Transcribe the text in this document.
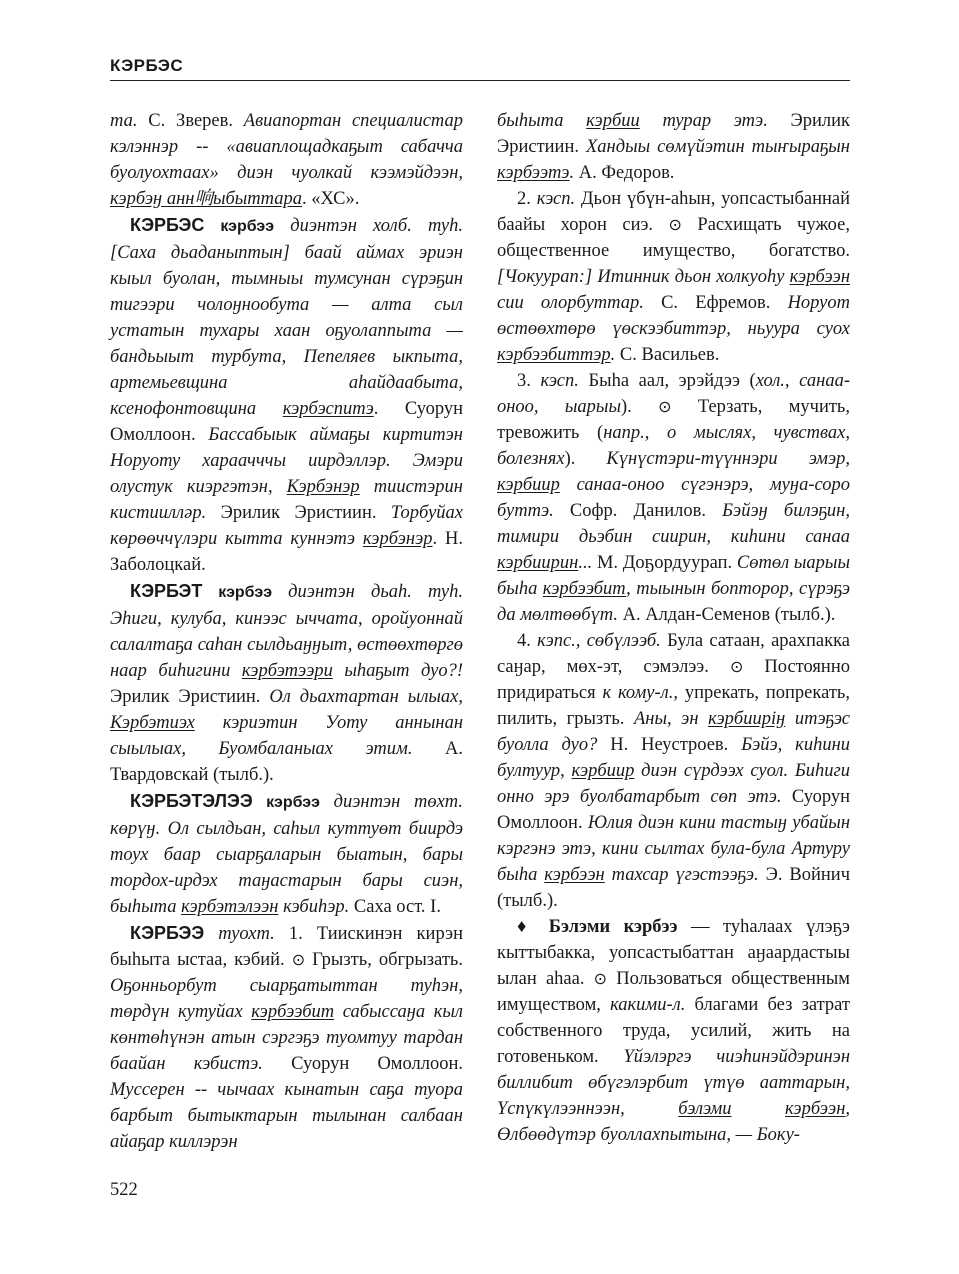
КЭРБЭС

та. С. Зверев. Авиапортан специалистар кэлэннэр -- «авиаплощадкаҕыт сабачча буолуохтаах» диэн чуолкай кээмэйдээн, кэрбэӈ анн响ыбыттара. «ХС».

КЭРБЭС кэрбээ диэнтэн холб. туһ. [Саха дьаданыптын] баай аймах эриэн кыыл буолан, тымныы тумсунан сүрэҕин тигээри чолоӈнообута — алта сыл устатын тухары хаан оҕуолаппыта — бандьыыт турбута, Пепеляев ыкпыта, артемьевщина аһайдаабыта, ксенофонтовщина кэрбэспитэ. Суорун Омоллоон. Бассабыык аймаҕы киртитэн Норуоту хараачччы иирдэллэр. Эмэри олустук киэргэтэн, Кэрбэнэр тиистэрин кистиилләр. Эрилик Эристиин. Торбуйах көрөөччүлэри кытта куннэтэ кэрбэнэр. Н. Заболоцкай.

КЭРБЭТ кэрбээ диэнтэн дьаһ. туһ. Эһиги, кулуба, кинээс ыччата, оройуоннай салалтаҕа саһан сылдьаӈӈыт, өстөөхтөргө наар биһигини кэрбэтээри ыһаҕыт дуо?! Эрилик Эристиин. Ол дьахтартан ылыах, Кэрбэтиэх кэриэтин Уоту аннынан сыылыах, Буомбаланыах этим. А. Твардовскай (тылб.).

КЭРБЭТЭЛЭЭ кэрбээ диэнтэн төхт. көрүӈ. Ол сылдьан, саһыл куттуөт биирдэ тоух баар сыарҕаларын быатын, бары тордох-ирдэх таӈастарын бары сиэн, быһыта кэрбэтэлээн кэбиһэр. Саха ост. I.

КЭРБЭЭ туохт. 1. Тиискинэн кирэн быһыта ыстаа, кэбий. ⊙ Грызть, обгрызать. Оҕонньорбут сыарҕатыттан туһэн, төрдүн кутуйах кэрбээбит сабыссаӈа кыл көнтөһүнэн атын сэргэҕэ туомтуу тардан баайан кэбистэ. Суорун Омоллоон. Муссерен -- чычаах кынатын саҕа туора барбыт бытыктарын тылынан салбаан айаҕар киллэрэн

быһыта кэрбии турар этэ. Эрилик Эристиин. Хандыы сөмүйэтин тыҥыраҕын кэрбээтэ. А. Федоров.

2. кэсп. Дьон үбүн-аһын, уопсастыбаннай баайы хорон сиэ. ⊙ Расхищать чужое, общественное имущество, богатство. [Чокуурап:] Итинник дьон холкуоһу кэрбээн сии олорбуттар. С. Ефремов. Норуот өстөөхтөрө үөскээбиттэр, ньуура суох кэрбээбиттэр. С. Васильев.

3. кэсп. Быһа аал, эрэйдээ (хол., санаа-оноо, ыарыы). ⊙ Терзать, мучить, тревожить (напр., о мыслях, чувствах, болезнях). Күнүстэри-түүннэри эмэр, кэрбиир санаа-оноо сүгэнэрэ, муӈа-соро буттэ. Софр. Данилов. Бэйэӈ билэҕин, тимири дьэбин сиирин, киһини санаа кэрбиирин... М. Доҕордуурап. Сөтөл ыарыы быһа кэрбээбит, тыынын боптороp, сүрэҕэ да мөлтөөбүт. А. Алдан-Семенов (тылб.).

4. кэпс., сөбүлээб. Була сатаан, арахпакка саӈар, мөх-эт, сэмэлээ. ⊙ Постоянно придираться к кому-л., упрекать, попрекать, пилить, грызть. Аны, эн кэрбииріӈ итэҕэс буолла дуо? Н. Неустроев. Бэйэ, киһини бултуур, кэрбиир диэн сүрдээх суол. Биһиги онно эрэ буолбатарбыт сөп этэ. Суорун Омоллоон. Юлия диэн кини тастыӈ убайын кэргэнэ этэ, кини сылтах була-була Артуру быһа кэрбээн тахсар үгэстээҕэ. Э. Войнич (тылб.).

♦ Бэлэми кэрбээ — туһалаах үлэҕэ кыттыбакка, уопсастыбаттан аӈаардастыы ылан аһаа. ⊙ Пользоваться общественным имуществом, какими-л. благами без затрат собственного труда, усилий, жить на готовеньком. Үйэлэргэ чиэһинэйдэринэн биллибит өбүгэлэрбит үтүө ааттарын, Үспүкүлээннээн, бэлэми	кэрбээн, Өлбөөдүтэр буоллахпытына, — Боку-

522
